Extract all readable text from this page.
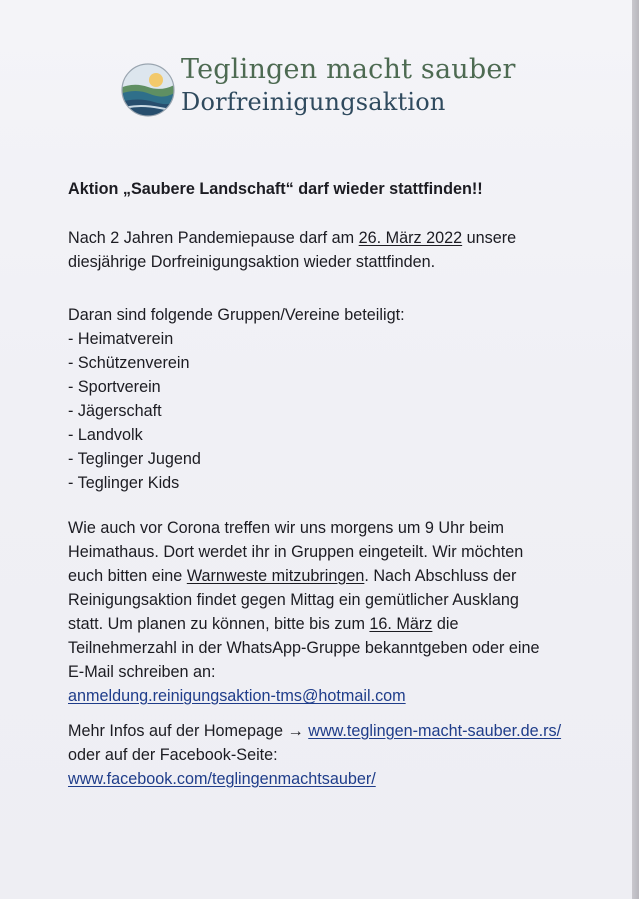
Teglingen macht sauber
Dorfreinigungsaktion
Aktion „Saubere Landschaft“ darf wieder stattfinden!!
Nach 2 Jahren Pandemiepause darf am 26. März 2022 unsere
diesjährige Dorfreinigungsaktion wieder stattfinden.
Daran sind folgende Gruppen/Vereine beteiligt:
- Heimatverein
- Schützenverein
- Sportverein
- Jägerschaft
- Landvolk
- Teglinger Jugend
- Teglinger Kids
Wie auch vor Corona treffen wir uns morgens um 9 Uhr beim
Heimathaus. Dort werdet ihr in Gruppen eingeteilt. Wir möchten
euch bitten eine Warnweste mitzubringen. Nach Abschluss der
Reinigungsaktion findet gegen Mittag ein gemütlicher Ausklang
statt. Um planen zu können, bitte bis zum 16. März die
Teilnehmerzahl in der WhatsApp-Gruppe bekanntgeben oder eine
E-Mail schreiben an:
anmeldung.reinigungsaktion-tms@hotmail.com
Mehr Infos auf der Homepage → www.teglingen-macht-sauber.de.rs/
oder auf der Facebook-Seite:
www.facebook.com/teglingenmachtsauber/
